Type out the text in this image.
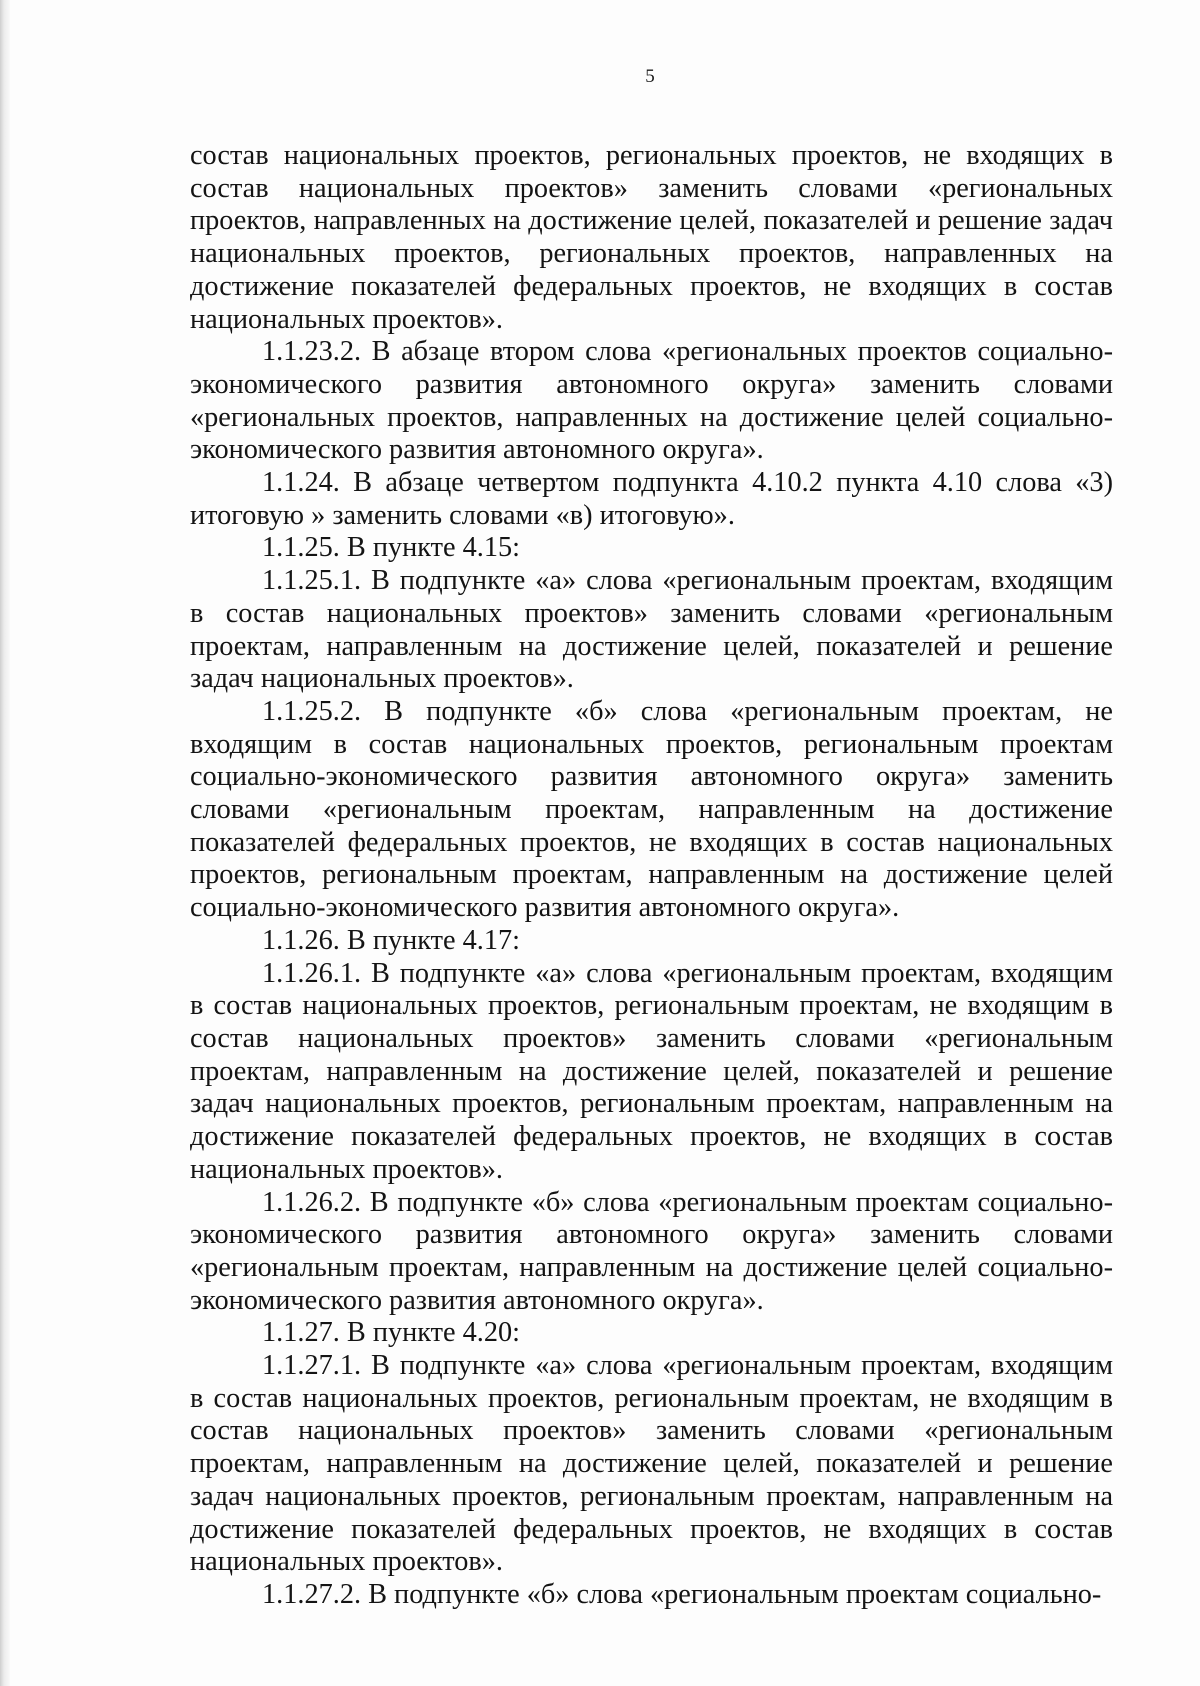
5

состав национальных проектов, региональных проектов, не входящих в состав национальных проектов» заменить словами «региональных проектов, направленных на достижение целей, показателей и решение задач национальных проектов, региональных проектов, направленных на достижение показателей федеральных проектов, не входящих в состав национальных проектов».

1.1.23.2. В абзаце втором слова «региональных проектов социально-экономического развития автономного округа» заменить словами «региональных проектов, направленных на достижение целей социально-экономического развития автономного округа».

1.1.24. В абзаце четвертом подпункта 4.10.2 пункта 4.10 слова «3) итоговую » заменить словами «в) итоговую».

1.1.25. В пункте 4.15:

1.1.25.1. В подпункте «а» слова «региональным проектам, входящим в состав национальных проектов» заменить словами «региональным проектам, направленным на достижение целей, показателей и решение задач национальных проектов».

1.1.25.2. В подпункте «б» слова «региональным проектам, не входящим в состав национальных проектов, региональным проектам социально-экономического развития автономного округа» заменить словами «региональным проектам, направленным на достижение показателей федеральных проектов, не входящих в состав национальных проектов, региональным проектам, направленным на достижение целей социально-экономического развития автономного округа».

1.1.26. В пункте 4.17:

1.1.26.1. В подпункте «а» слова «региональным проектам, входящим в состав национальных проектов, региональным проектам, не входящим в состав национальных проектов» заменить словами «региональным проектам, направленным на достижение целей, показателей и решение задач национальных проектов, региональным проектам, направленным на достижение показателей федеральных проектов, не входящих в состав национальных проектов».

1.1.26.2. В подпункте «б» слова «региональным проектам социально-экономического развития автономного округа» заменить словами «региональным проектам, направленным на достижение целей социально-экономического развития автономного округа».

1.1.27. В пункте 4.20:

1.1.27.1. В подпункте «а» слова «региональным проектам, входящим в состав национальных проектов, региональным проектам, не входящим в состав национальных проектов» заменить словами «региональным проектам, направленным на достижение целей, показателей и решение задач национальных проектов, региональным проектам, направленным на достижение показателей федеральных проектов, не входящих в состав национальных проектов».

1.1.27.2. В подпункте «б» слова «региональным проектам социально-
